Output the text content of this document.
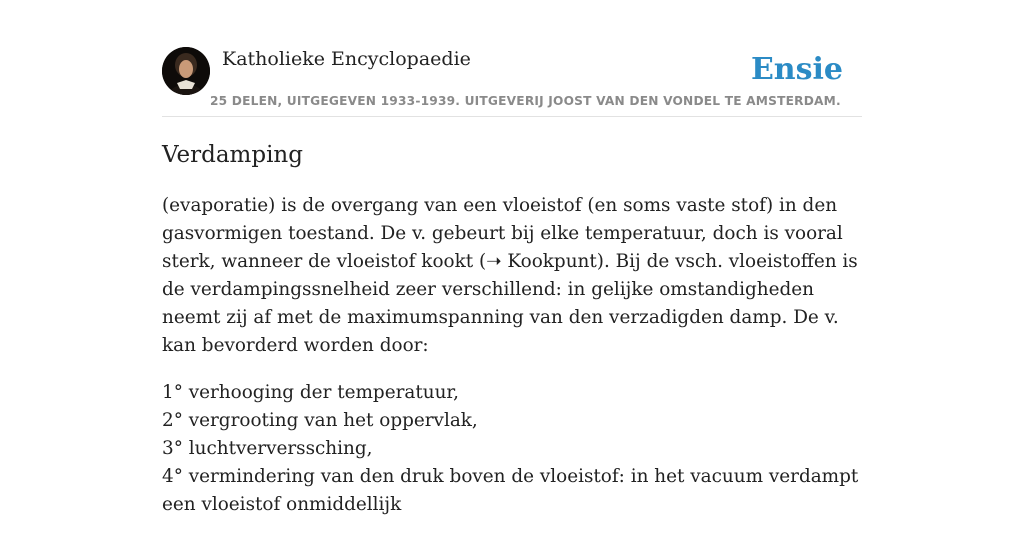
Katholieke Encyclopaedie
25 DELEN, UITGEGEVEN 1933-1939. UITGEVERIJ JOOST VAN DEN VONDEL TE AMSTERDAM.
Ensie
Verdamping

(evaporatie) is de overgang van een vloeistof (en soms vaste stof) in den gasvormigen toestand. De v. gebeurt bij elke temperatuur, doch is vooral sterk, wanneer de vloeistof kookt (➝ Kookpunt). Bij de vsch. vloeistoffen is de verdampingssnelheid zeer verschillend: in gelijke omstandigheden neemt zij af met de maximumspanning van den verzadigden damp. De v. kan bevorderd worden door:

1° verhooging der temperatuur,
2° vergrooting van het oppervlak,
3° luchtververssching,
4° vermindering van den druk boven de vloeistof: in het vacuum verdampt een vloeistof onmiddellijk
